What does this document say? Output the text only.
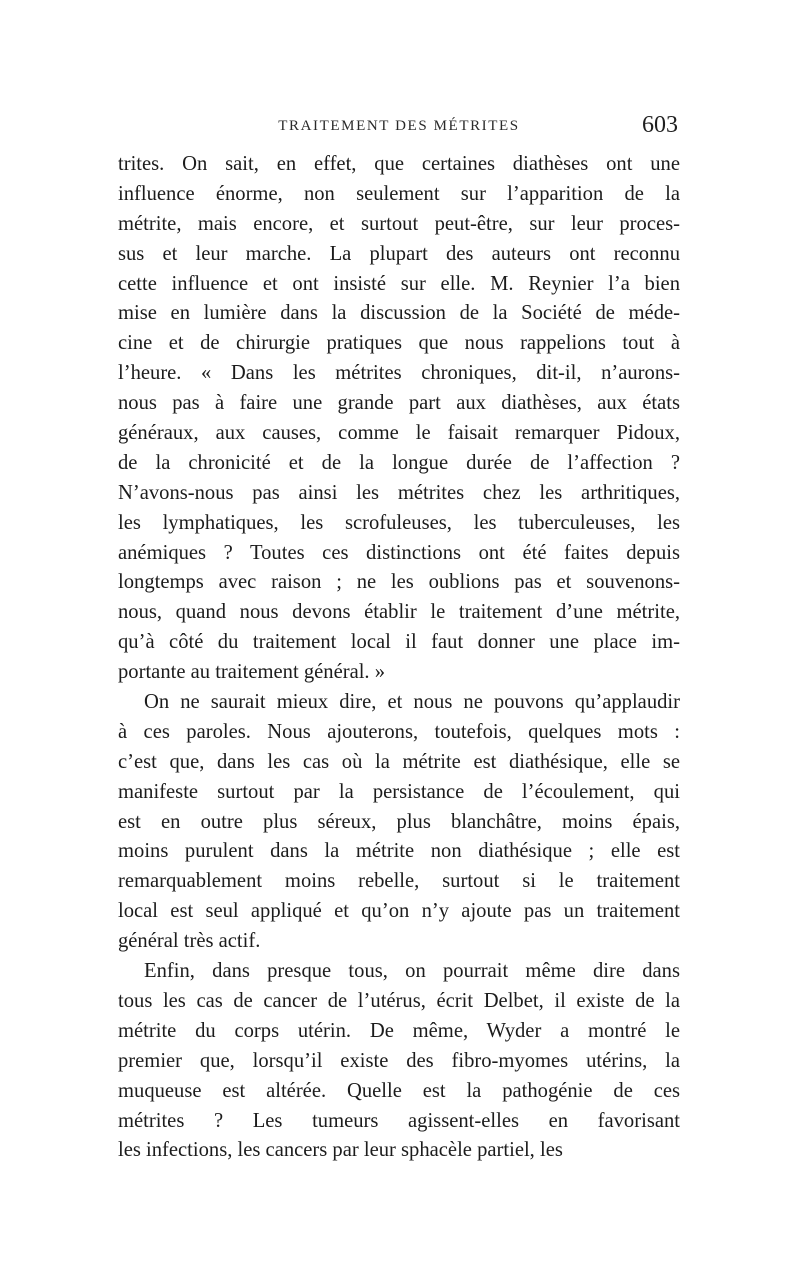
TRAITEMENT DES MÉTRITES	603
trites. On sait, en effet, que certaines diathèses ont une
influence énorme, non seulement sur l’apparition de la
métrite, mais encore, et surtout peut-être, sur leur proces-
sus et leur marche. La plupart des auteurs ont reconnu
cette influence et ont insisté sur elle. M. Reynier l’a bien
mise en lumière dans la discussion de la Société de méde-
cine et de chirurgie pratiques que nous rappelions tout à
l’heure. « Dans les métrites chroniques, dit-il, n’aurons-
nous pas à faire une grande part aux diathèses, aux états
généraux, aux causes, comme le faisait remarquer Pidoux,
de la chronicité et de la longue durée de l’affection ?
N’avons-nous pas ainsi les métrites chez les arthritiques,
les lymphatiques, les scrofuleuses, les tuberculeuses, les
anémiques ? Toutes ces distinctions ont été faites depuis
longtemps avec raison ; ne les oublions pas et souvenons-
nous, quand nous devons établir le traitement d’une métrite,
qu’à côté du traitement local il faut donner une place im-
portante au traitement général. »
On ne saurait mieux dire, et nous ne pouvons qu’applaudir
à ces paroles. Nous ajouterons, toutefois, quelques mots :
c’est que, dans les cas où la métrite est diathésique, elle se
manifeste surtout par la persistance de l’écoulement, qui
est en outre plus séreux, plus blanchâtre, moins épais,
moins purulent dans la métrite non diathésique ; elle est
remarquablement moins rebelle, surtout si le traitement
local est seul appliqué et qu’on n’y ajoute pas un traitement
général très actif.
Enfin, dans presque tous, on pourrait même dire dans
tous les cas de cancer de l’utérus, écrit Delbet, il existe de la
métrite du corps utérin. De même, Wyder a montré le
premier que, lorsqu’il existe des fibro-myomes utérins, la
muqueuse est altérée. Quelle est la pathogénie de ces
métrites ? Les tumeurs agissent-elles en favorisant
les infections, les cancers par leur sphacèle partiel, les
